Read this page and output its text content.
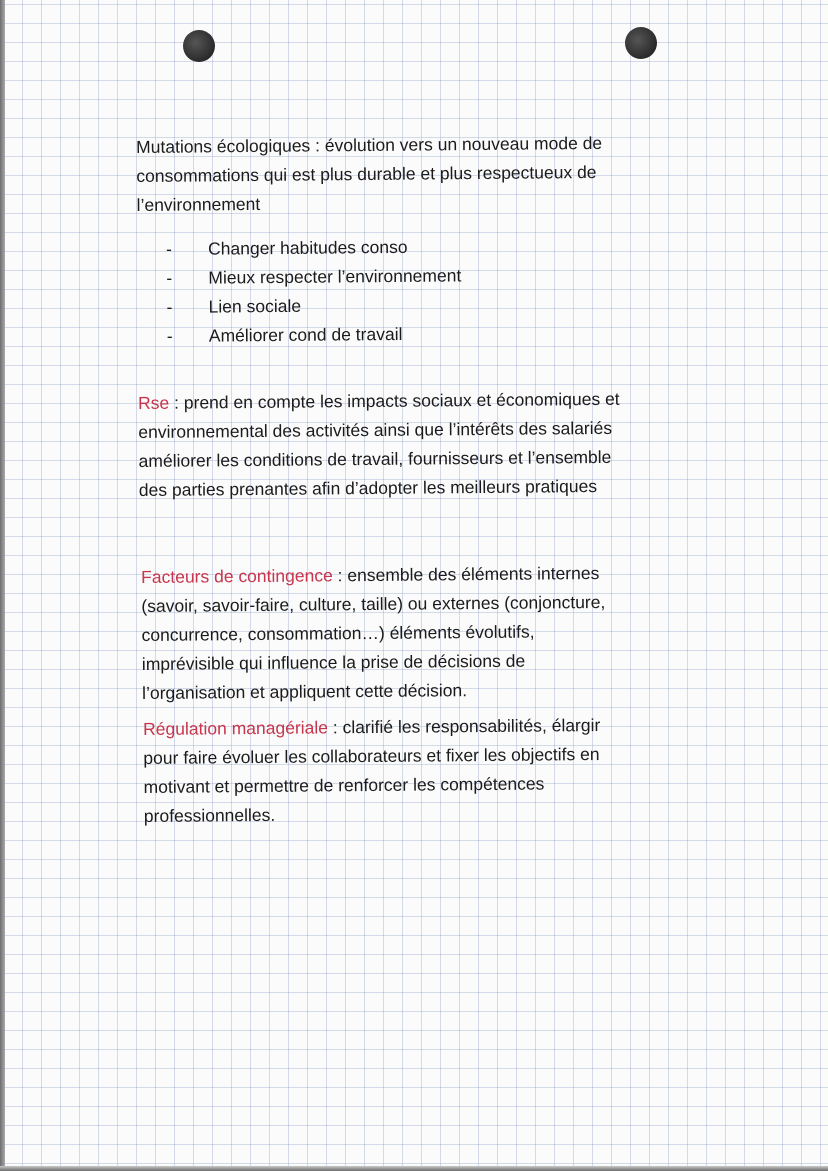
Mutations écologiques : évolution vers un nouveau mode de
consommations qui est plus durable et plus respectueux de
l’environnement
-	Changer habitudes conso
-	Mieux respecter l’environnement
-	Lien sociale
-	Améliorer cond de travail
Rse : prend en compte les impacts sociaux et économiques et
environnemental des activités ainsi que l’intérêts des salariés
améliorer les conditions de travail, fournisseurs et l’ensemble
des parties prenantes afin d’adopter les meilleurs pratiques
Facteurs de contingence : ensemble des éléments internes
(savoir, savoir-faire, culture, taille) ou externes (conjoncture,
concurrence, consommation…) éléments évolutifs,
imprévisible qui influence la prise de décisions de
l’organisation et appliquent cette décision.
Régulation managériale : clarifié les responsabilités, élargir
pour faire évoluer les collaborateurs et fixer les objectifs en
motivant et permettre de renforcer les compétences
professionnelles.
